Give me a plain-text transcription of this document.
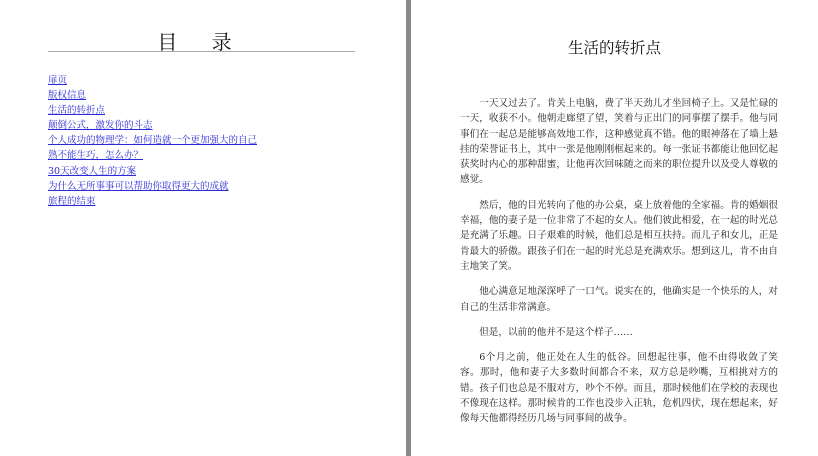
目 录
扉页
版权信息
生活的转折点
颠倒公式，激发你的斗志
个人成功的物理学：如何造就一个更加强大的自己
熟不能生巧，怎么办？
30天改变人生的方案
为什么无所事事可以帮助你取得更大的成就
旅程的结束
生活的转折点

一天又过去了。肯关上电脑，费了半天劲儿才坐回椅子上。又是忙碌的一天，收获不小。他朝走廊望了望，笑着与正出门的同事摆了摆手。他与同事们在一起总是能够高效地工作，这种感觉真不错。他的眼神落在了墙上悬挂的荣誉证书上，其中一张是他刚刚框起来的。每一张证书都能让他回忆起获奖时内心的那种甜蜜，让他再次回味随之而来的职位提升以及受人尊敬的感觉。

然后，他的目光转向了他的办公桌，桌上放着他的全家福。肯的婚姻很幸福，他的妻子是一位非常了不起的女人。他们彼此相爱，在一起的时光总是充满了乐趣。日子艰难的时候，他们总是相互扶持。而儿子和女儿，正是肯最大的骄傲。跟孩子们在一起的时光总是充满欢乐。想到这儿，肯不由自主地笑了笑。

他心满意足地深深呼了一口气。说实在的，他确实是一个快乐的人，对自己的生活非常满意。

但是，以前的他并不是这个样子……

6个月之前，他正处在人生的低谷。回想起往事，他不由得收敛了笑容。那时，他和妻子大多数时间都合不来，双方总是吵嘴，互相挑对方的错。孩子们也总是不服对方，吵个不停。而且，那时候他们在学校的表现也不像现在这样。那时候肯的工作也没步入正轨，危机四伏，现在想起来，好像每天他都得经历几场与同事间的战争。
